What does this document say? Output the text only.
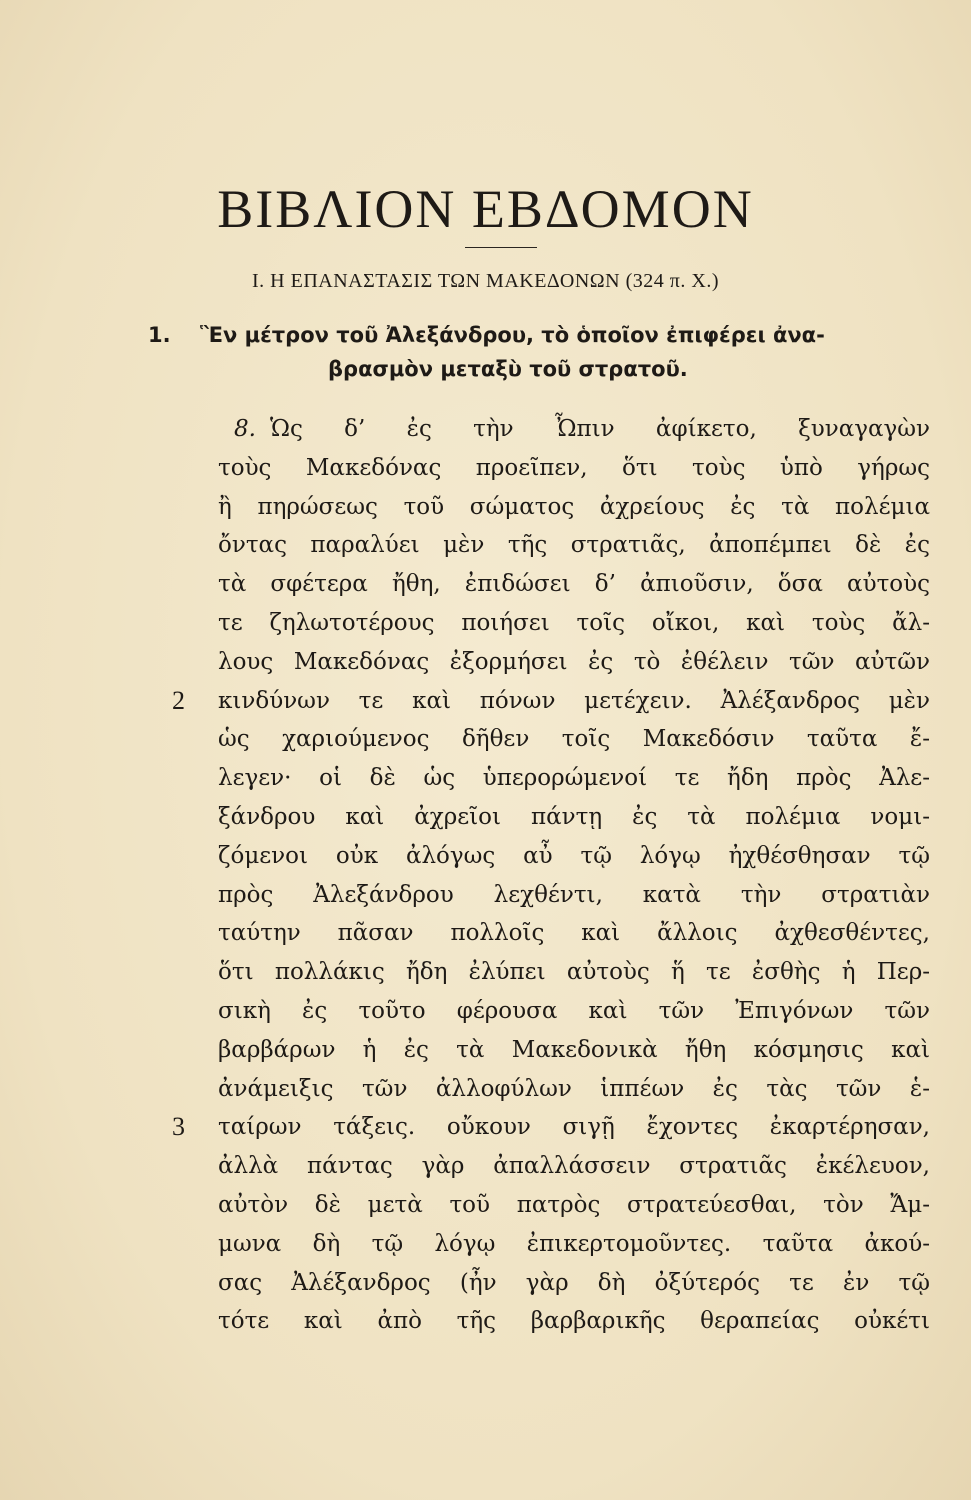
ΒΙΒΛΙΟΝ ΕΒΔΟΜΟΝ
I. Η ΕΠΑΝΑΣΤΑΣΙΣ ΤΩΝ ΜΑΚΕΔΟΝΩΝ (324 π. Χ.)
1. Ἓν μέτρον τοῦ Ἀλεξάνδρου, τὸ ὁποῖον ἐπιφέρει ἀνα-
βρασμὸν μεταξὺ τοῦ στρατοῦ.
8. Ὡς δ’ ἐς τὴν Ὦπιν ἀφίκετο, ξυναγαγὼν
τοὺς Μακεδόνας προεῖπεν, ὅτι τοὺς ὑπὸ γήρως
ἢ πηρώσεως τοῦ σώματος ἀχρείους ἐς τὰ πολέμια
ὄντας παραλύει μὲν τῆς στρατιᾶς, ἀποπέμπει δὲ ἐς
τὰ σφέτερα ἤθη, ἐπιδώσει δ’ ἀπιοῦσιν, ὅσα αὐτοὺς
τε ζηλωτοτέρους ποιήσει τοῖς οἴκοι, καὶ τοὺς ἄλ-
λους Μακεδόνας ἐξορμήσει ἐς τὸ ἐθέλειν τῶν αὐτῶν
2 κινδύνων τε καὶ πόνων μετέχειν. Ἀλέξανδρος μὲν
ὡς χαριούμενος δῆθεν τοῖς Μακεδόσιν ταῦτα ἔ-
λεγεν· οἱ δὲ ὡς ὑπερορώμενοί τε ἤδη πρὸς Ἀλε-
ξάνδρου καὶ ἀχρεῖοι πάντῃ ἐς τὰ πολέμια νομι-
ζόμενοι οὐκ ἀλόγως αὖ τῷ λόγῳ ἠχθέσθησαν τῷ
πρὸς Ἀλεξάνδρου λεχθέντι, κατὰ τὴν στρατιὰν
ταύτην πᾶσαν πολλοῖς καὶ ἄλλοις ἀχθεσθέντες,
ὅτι πολλάκις ἤδη ἐλύπει αὐτοὺς ἥ τε ἐσθὴς ἡ Περ-
σικὴ ἐς τοῦτο φέρουσα καὶ τῶν Ἐπιγόνων τῶν
βαρβάρων ἡ ἐς τὰ Μακεδονικὰ ἤθη κόσμησις καὶ
ἀνάμειξις τῶν ἀλλοφύλων ἱππέων ἐς τὰς τῶν ἑ-
3 ταίρων τάξεις. οὔκουν σιγῇ ἔχοντες ἐκαρτέρησαν,
ἀλλὰ πάντας γὰρ ἀπαλλάσσειν στρατιᾶς ἐκέλευον,
αὐτὸν δὲ μετὰ τοῦ πατρὸς στρατεύεσθαι, τὸν Ἄμ-
μωνα δὴ τῷ λόγῳ ἐπικερτομοῦντες. ταῦτα ἀκού-
σας Ἀλέξανδρος (ἦν γὰρ δὴ ὀξύτερός τε ἐν τῷ
τότε καὶ ἀπὸ τῆς βαρβαρικῆς θεραπείας οὐκέτι
